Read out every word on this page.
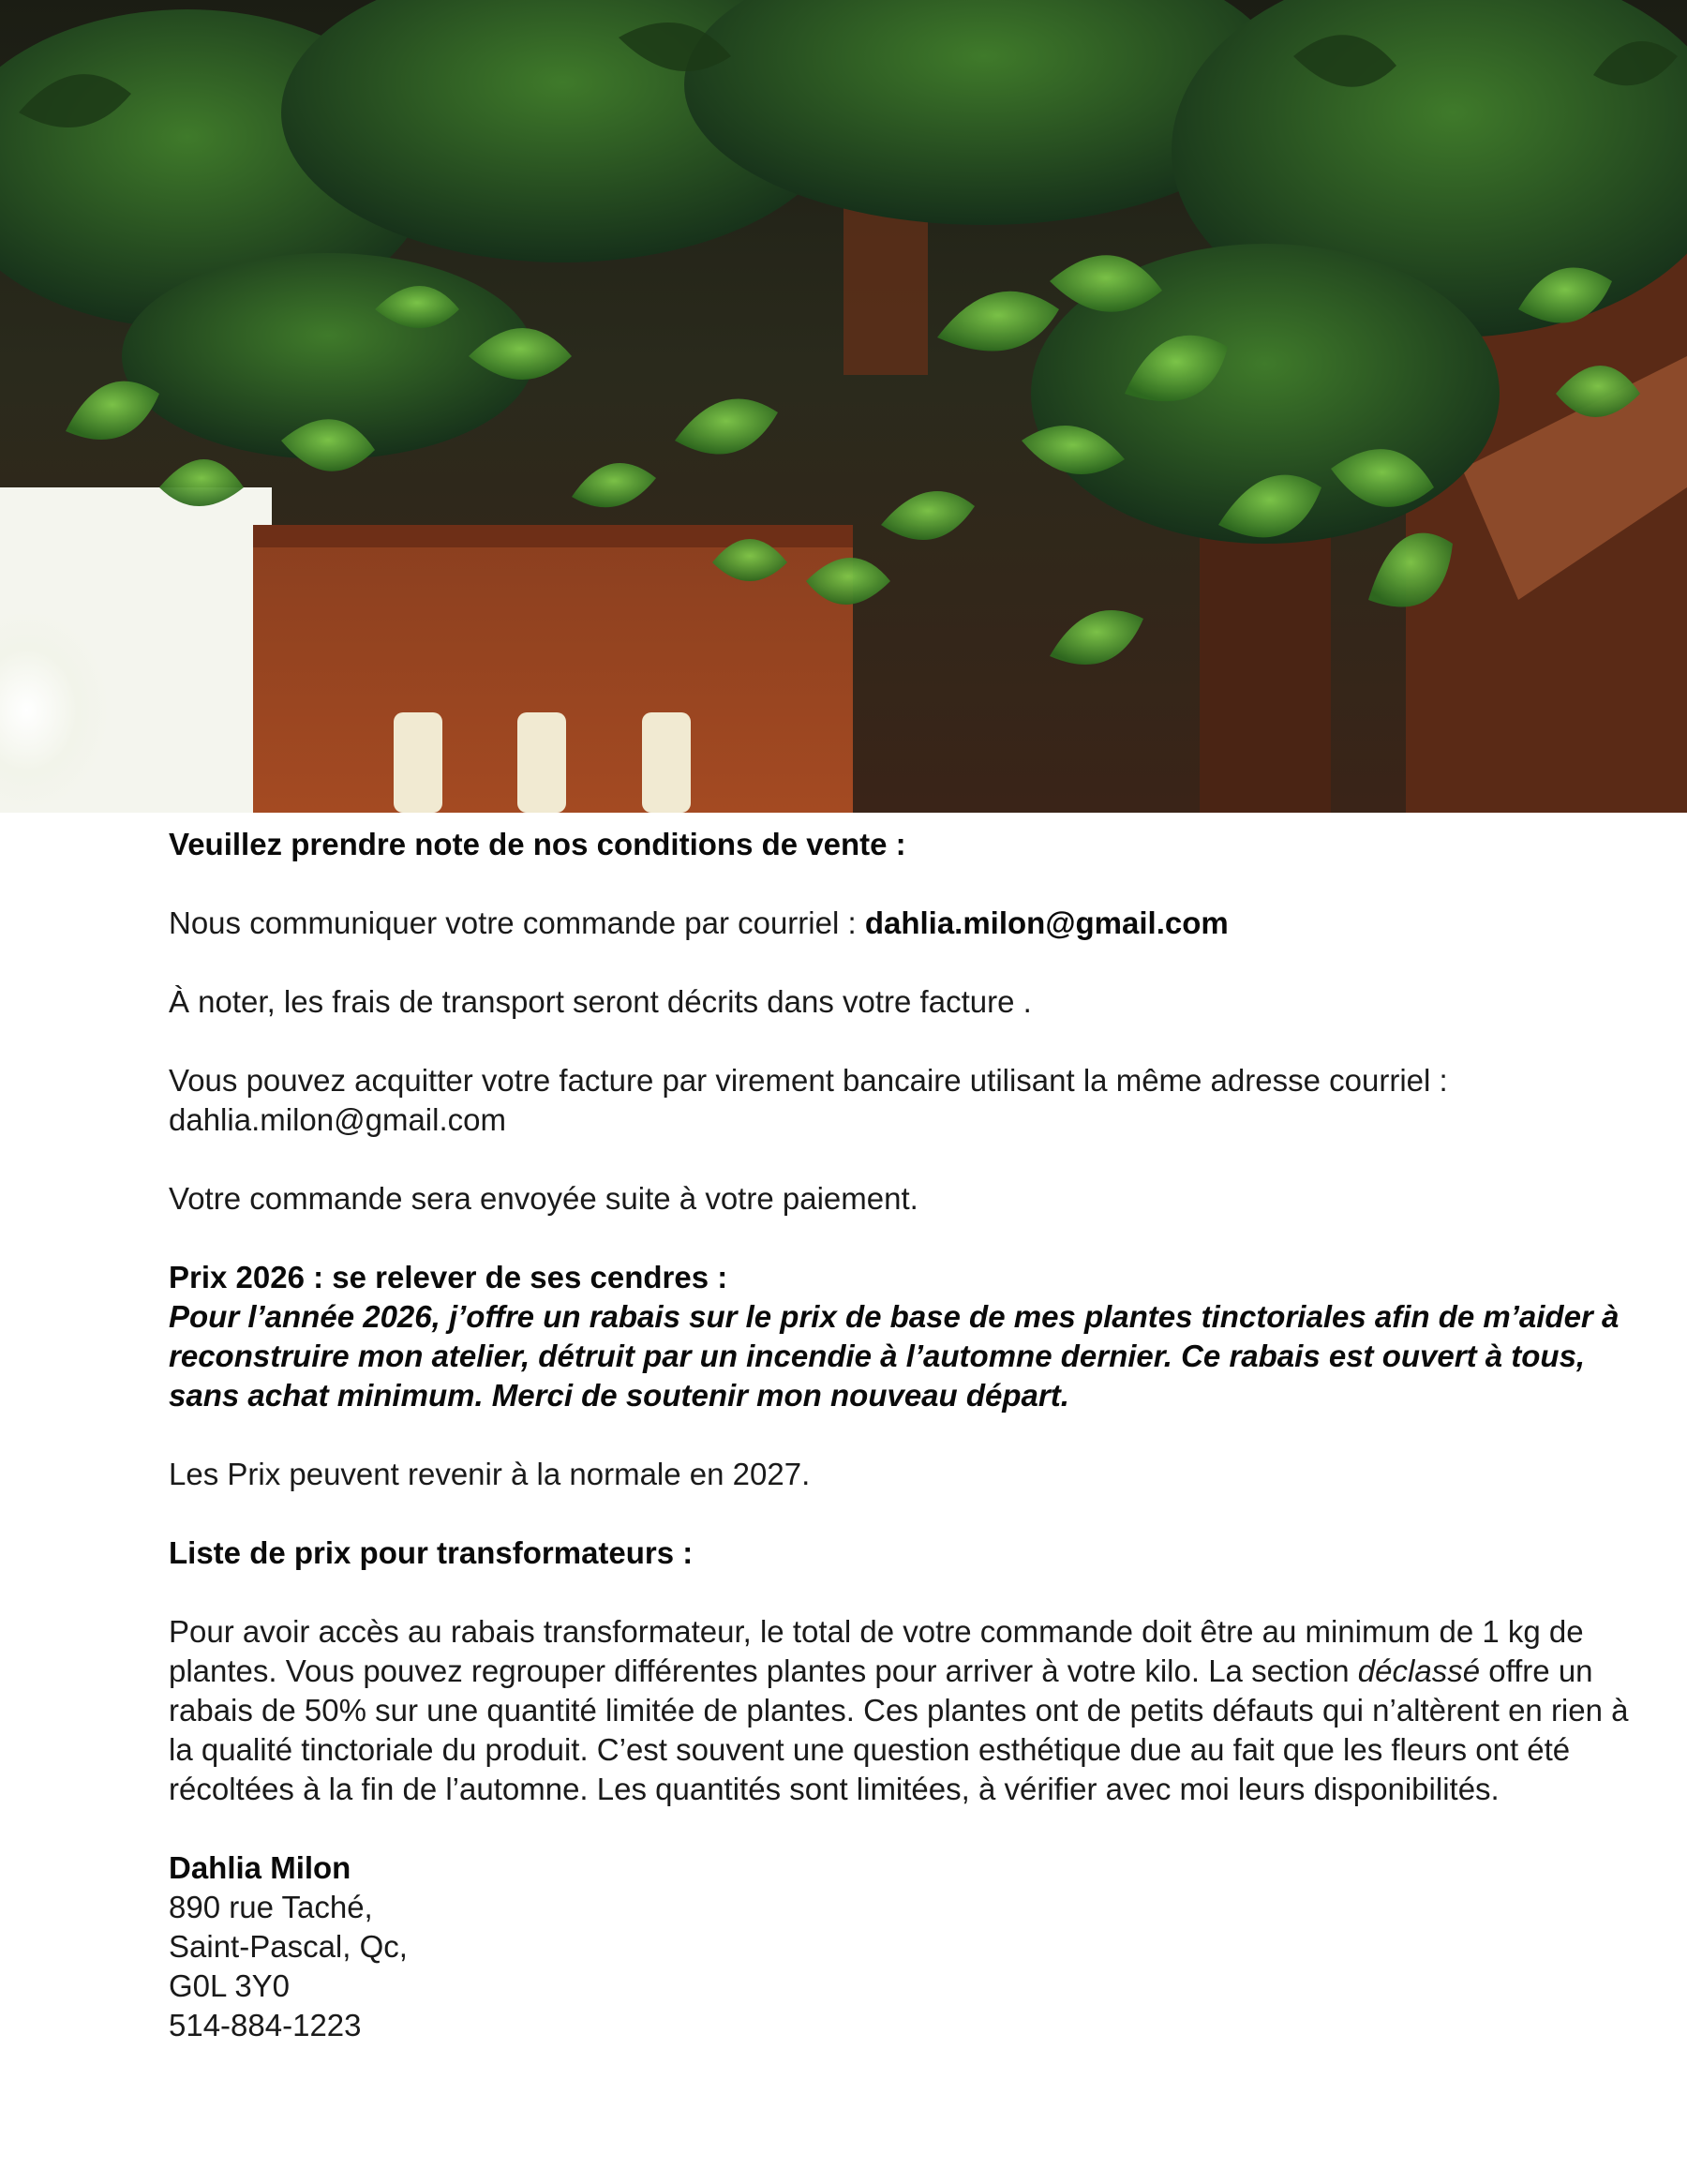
Veuillez prendre note de nos conditions de vente :

Nous communiquer votre commande par courriel : dahlia.milon@gmail.com

À noter, les frais de transport seront décrits dans votre facture .

Vous pouvez acquitter votre facture par virement bancaire utilisant la même adresse courriel : dahlia.milon@gmail.com

Votre commande sera envoyée suite à votre paiement.

Prix 2026 : se relever de ses cendres :

Pour l’année 2026, j’offre un rabais sur le prix de base de mes plantes tinctoriales afin de m’aider à reconstruire mon atelier, détruit par un incendie à l’automne dernier. Ce rabais est ouvert à tous, sans achat minimum. Merci de soutenir mon nouveau départ.

Les Prix peuvent revenir à la normale en 2027.

Liste de prix pour transformateurs :

Pour avoir accès au rabais transformateur, le total de votre commande doit être au minimum de 1 kg de plantes. Vous pouvez regrouper différentes plantes pour arriver à votre kilo. La section déclassé offre un rabais de 50% sur une quantité limitée de plantes. Ces plantes ont de petits défauts qui n’altèrent en rien à la qualité tinctoriale du produit. C’est souvent une question esthétique due au fait que les fleurs ont été récoltées à la fin de l’automne. Les quantités sont limitées, à vérifier avec moi leurs disponibilités.

Dahlia Milon

890 rue Taché,

Saint-Pascal, Qc,

G0L 3Y0

514-884-1223
